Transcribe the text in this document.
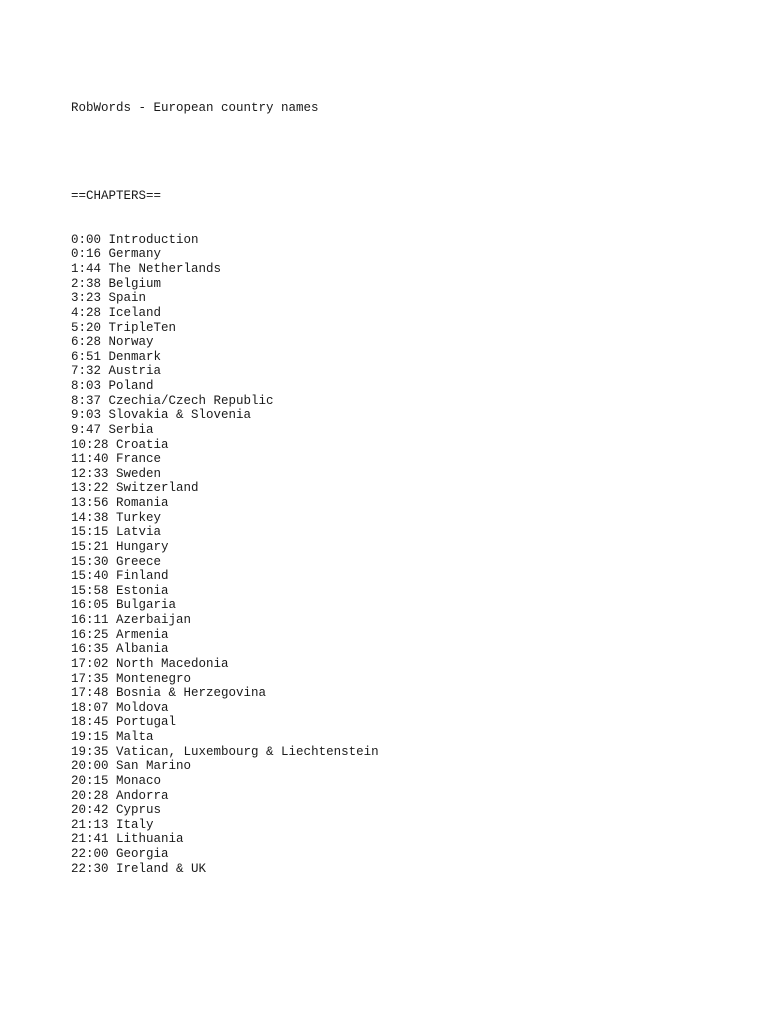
RobWords - European country names

==CHAPTERS==

0:00 Introduction
0:16 Germany
1:44 The Netherlands
2:38 Belgium
3:23 Spain
4:28 Iceland
5:20 TripleTen
6:28 Norway
6:51 Denmark
7:32 Austria
8:03 Poland
8:37 Czechia/Czech Republic
9:03 Slovakia & Slovenia
9:47 Serbia
10:28 Croatia
11:40 France
12:33 Sweden
13:22 Switzerland
13:56 Romania
14:38 Turkey
15:15 Latvia
15:21 Hungary
15:30 Greece
15:40 Finland
15:58 Estonia
16:05 Bulgaria
16:11 Azerbaijan
16:25 Armenia
16:35 Albania
17:02 North Macedonia
17:35 Montenegro
17:48 Bosnia & Herzegovina
18:07 Moldova
18:45 Portugal
19:15 Malta
19:35 Vatican, Luxembourg & Liechtenstein
20:00 San Marino
20:15 Monaco
20:28 Andorra
20:42 Cyprus
21:13 Italy
21:41 Lithuania
22:00 Georgia
22:30 Ireland & UK
